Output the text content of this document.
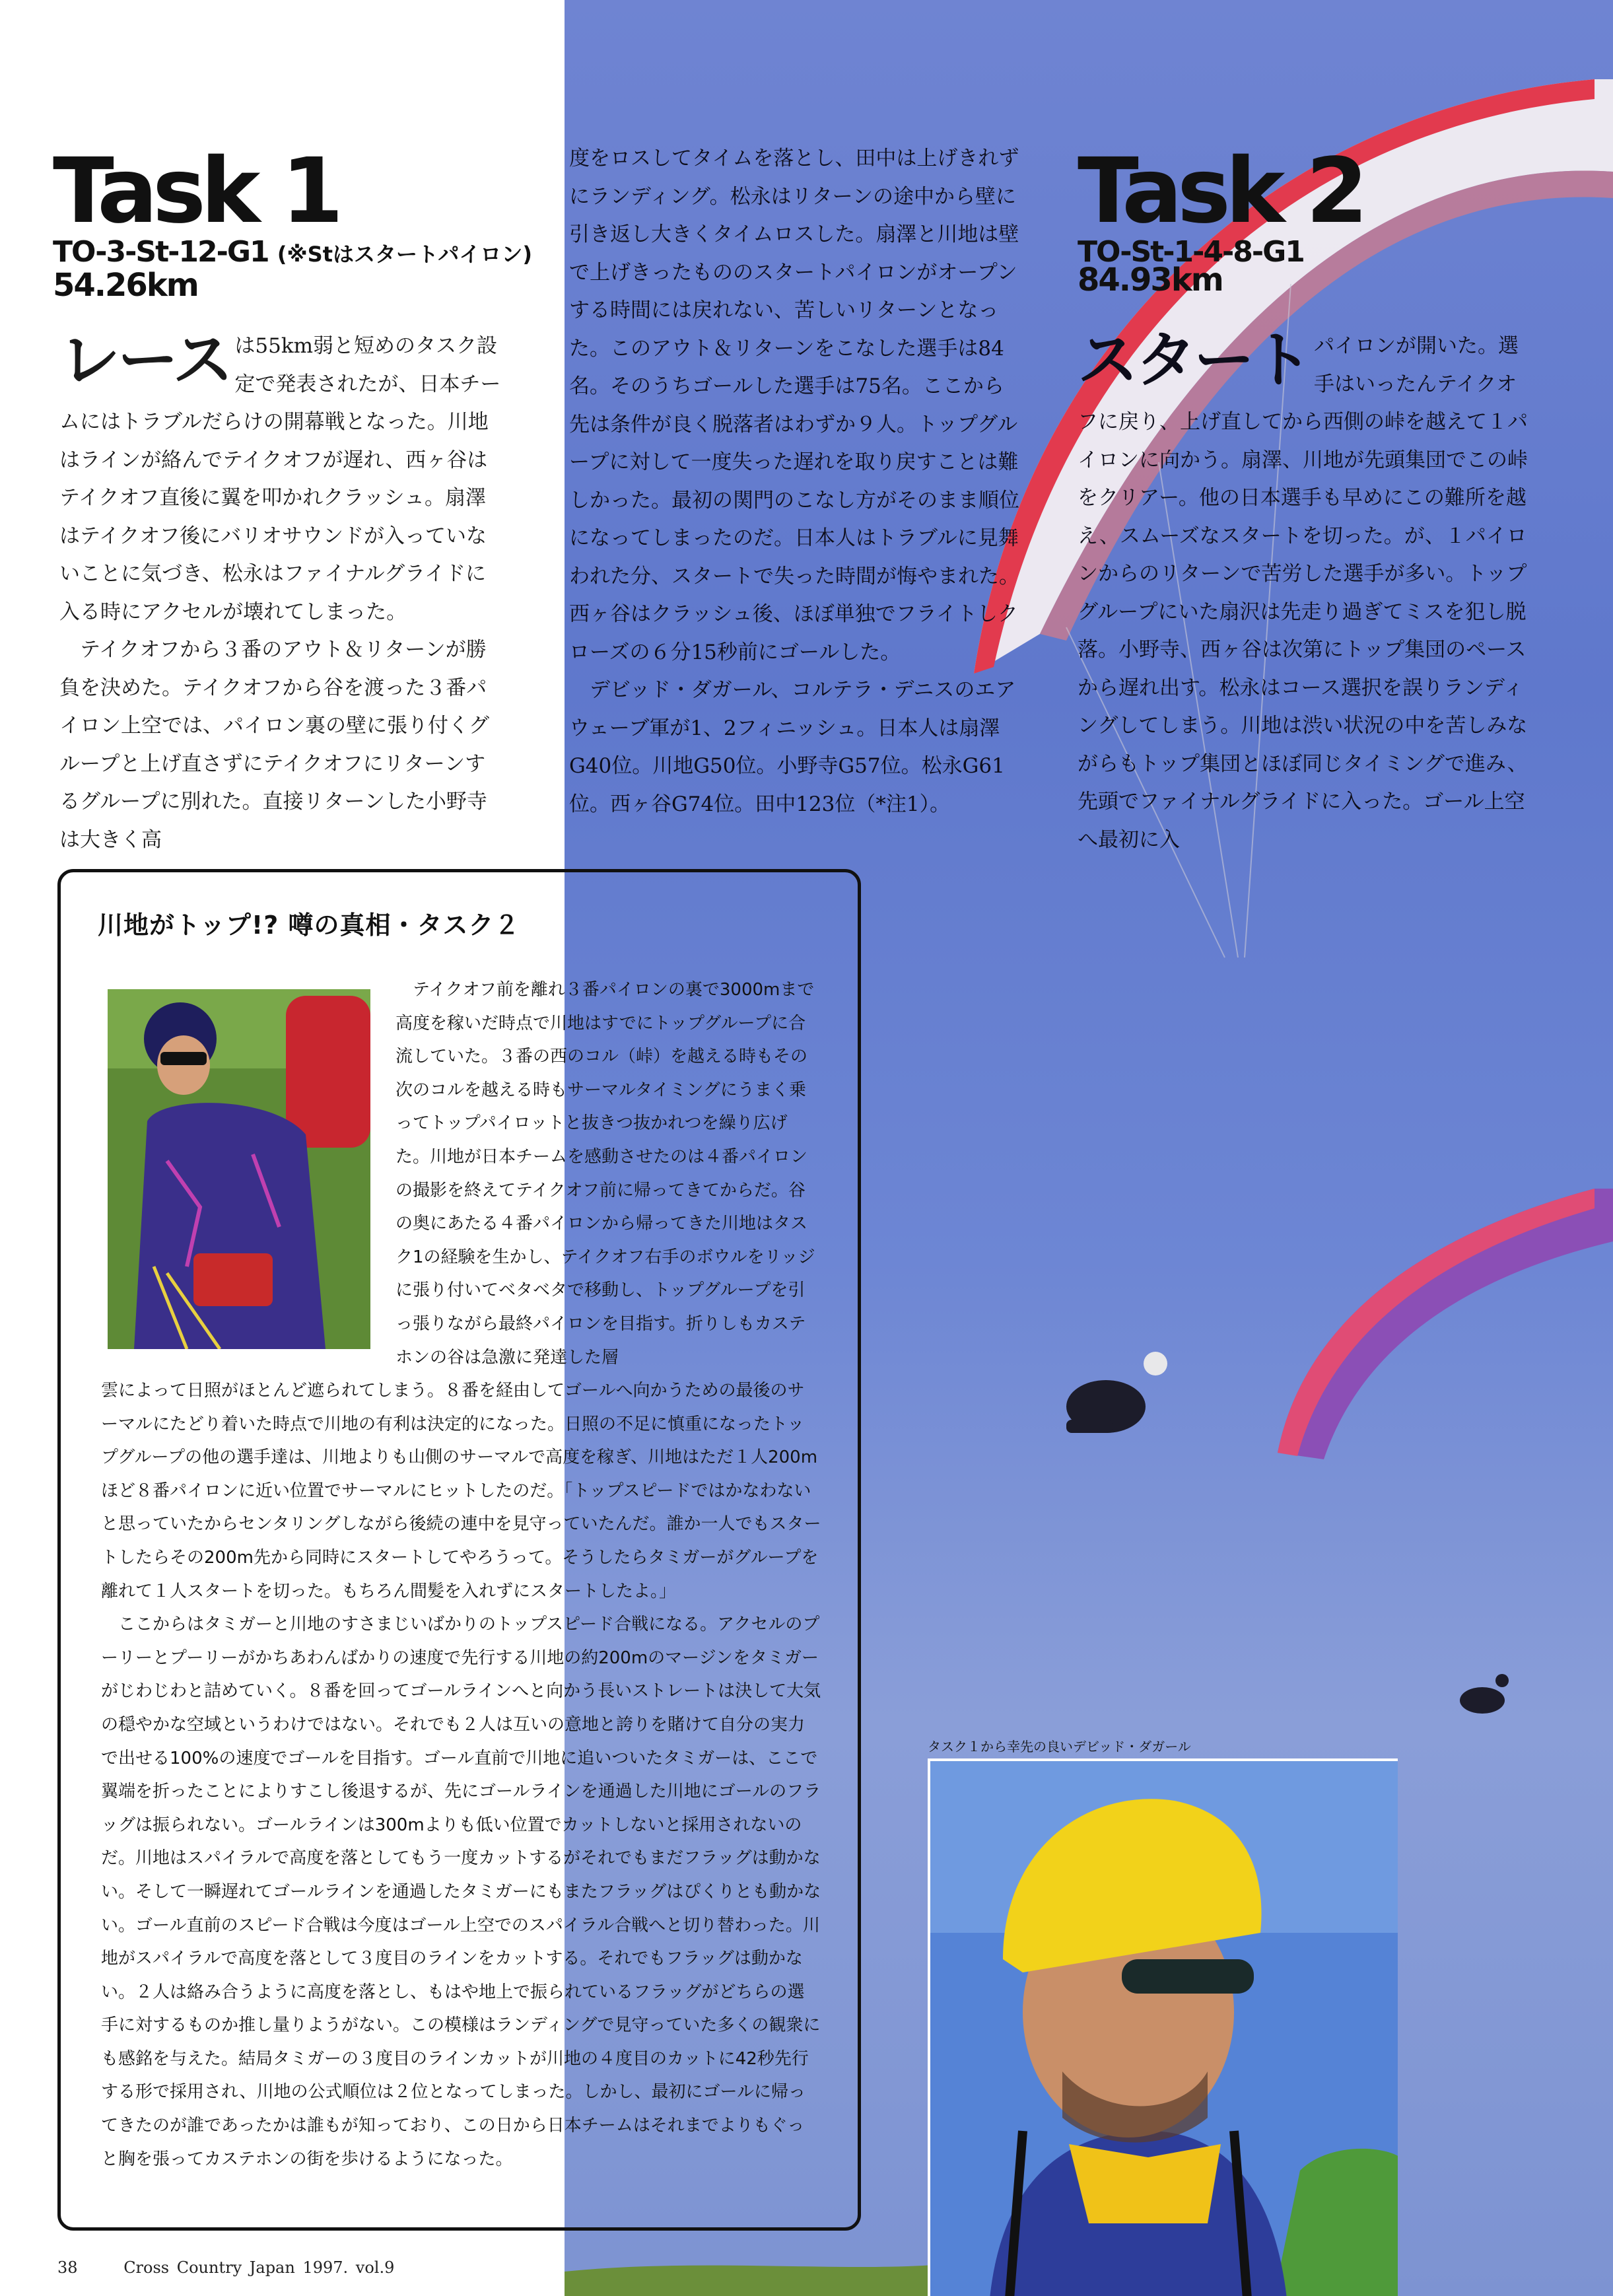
Task 1
TO-3-St-12-G1 (※Stはスタートパイロン)
54.26km

レース は55km弱と短めのタスク設定で発表されたが、日本チームにはトラブルだらけの開幕戦となった。川地はラインが絡んでテイクオフが遅れ、西ヶ谷はテイクオフ直後に翼を叩かれクラッシュ。扇澤はテイクオフ後にバリオサウンドが入っていないことに気づき、松永はファイナルグライドに入る時にアクセルが壊れてしまった。

テイクオフから３番のアウト＆リターンが勝負を決めた。テイクオフから谷を渡った３番パイロン上空では、パイロン裏の壁に張り付くグループと上げ直さずにテイクオフにリターンするグループに別れた。直接リターンした小野寺は大きく高

度をロスしてタイムを落とし、田中は上げきれずにランディング。松永はリターンの途中から壁に引き返し大きくタイムロスした。扇澤と川地は壁で上げきったもののスタートパイロンがオープンする時間には戻れない、苦しいリターンとなった。このアウト＆リターンをこなした選手は84名。そのうちゴールした選手は75名。ここから先は条件が良く脱落者はわずか９人。トップグループに対して一度失った遅れを取り戻すことは難しかった。最初の関門のこなし方がそのまま順位になってしまったのだ。日本人はトラブルに見舞われた分、スタートで失った時間が悔やまれた。西ヶ谷はクラッシュ後、ほぼ単独でフライトしクローズの６分15秒前にゴールした。

デビッド・ダガール、コルテラ・デニスのエアウェーブ軍が1、2フィニッシュ。日本人は扇澤G40位。川地G50位。小野寺G57位。松永G61位。西ヶ谷G74位。田中123位（*注1）。

Task 2
TO-St-1-4-8-G1
84.93km

スタート パイロンが開いた。選手はいったんテイクオフに戻り、上げ直してから西側の峠を越えて１パイロンに向かう。扇澤、川地が先頭集団でこの峠をクリアー。他の日本選手も早めにこの難所を越え、スムーズなスタートを切った。が、１パイロンからのリターンで苦労した選手が多い。トップグループにいた扇沢は先走り過ぎてミスを犯し脱落。小野寺、西ヶ谷は次第にトップ集団のペースから遅れ出す。松永はコース選択を誤りランディングしてしまう。川地は渋い状況の中を苦しみながらもトップ集団とほぼ同じタイミングで進み、先頭でファイナルグライドに入った。ゴール上空へ最初に入

川地がトップ!? 噂の真相・タスク２

テイクオフ前を離れ３番パイロンの裏で3000mまで高度を稼いだ時点で川地はすでにトップグループに合流していた。３番の西のコル（峠）を越える時もその次のコルを越える時もサーマルタイミングにうまく乗ってトップパイロットと抜きつ抜かれつを繰り広げた。川地が日本チームを感動させたのは４番パイロンの撮影を終えてテイクオフ前に帰ってきてからだ。谷の奥にあたる４番パイロンから帰ってきた川地はタスク1の経験を生かし、テイクオフ右手のボウルをリッジに張り付いてベタベタで移動し、トップグループを引っ張りながら最終パイロンを目指す。折りしもカステホンの谷は急激に発達した層

雲によって日照がほとんど遮られてしまう。８番を経由してゴールへ向かうための最後のサーマルにたどり着いた時点で川地の有利は決定的になった。日照の不足に慎重になったトップグループの他の選手達は、川地よりも山側のサーマルで高度を稼ぎ、川地はただ１人200mほど８番パイロンに近い位置でサーマルにヒットしたのだ。「トップスピードではかなわないと思っていたからセンタリングしながら後続の連中を見守っていたんだ。誰か一人でもスタートしたらその200m先から同時にスタートしてやろうって。そうしたらタミガーがグループを離れて１人スタートを切った。もちろん間髪を入れずにスタートしたよ。」

ここからはタミガーと川地のすさまじいばかりのトップスピード合戦になる。アクセルのプーリーとプーリーがかちあわんばかりの速度で先行する川地の約200mのマージンをタミガーがじわじわと詰めていく。８番を回ってゴールラインへと向かう長いストレートは決して大気の穏やかな空域というわけではない。それでも２人は互いの意地と誇りを賭けて自分の実力で出せる100%の速度でゴールを目指す。ゴール直前で川地に追いついたタミガーは、ここで翼端を折ったことによりすこし後退するが、先にゴールラインを通過した川地にゴールのフラッグは振られない。ゴールラインは300mよりも低い位置でカットしないと採用されないのだ。川地はスパイラルで高度を落としてもう一度カットするがそれでもまだフラッグは動かない。そして一瞬遅れてゴールラインを通過したタミガーにもまたフラッグはぴくりとも動かない。ゴール直前のスピード合戦は今度はゴール上空でのスパイラル合戦へと切り替わった。川地がスパイラルで高度を落として３度目のラインをカットする。それでもフラッグは動かない。２人は絡み合うように高度を落とし、もはや地上で振られているフラッグがどちらの選手に対するものか推し量りようがない。この模様はランディングで見守っていた多くの観衆にも感銘を与えた。結局タミガーの３度目のラインカットが川地の４度目のカットに42秒先行する形で採用され、川地の公式順位は２位となってしまった。しかし、最初にゴールに帰ってきたのが誰であったかは誰もが知っており、この日から日本チームはそれまでよりもぐっと胸を張ってカステホンの街を歩けるようになった。

タスク１から幸先の良いデビッド・ダガール
38	Cross Country Japan 1997. vol.9
